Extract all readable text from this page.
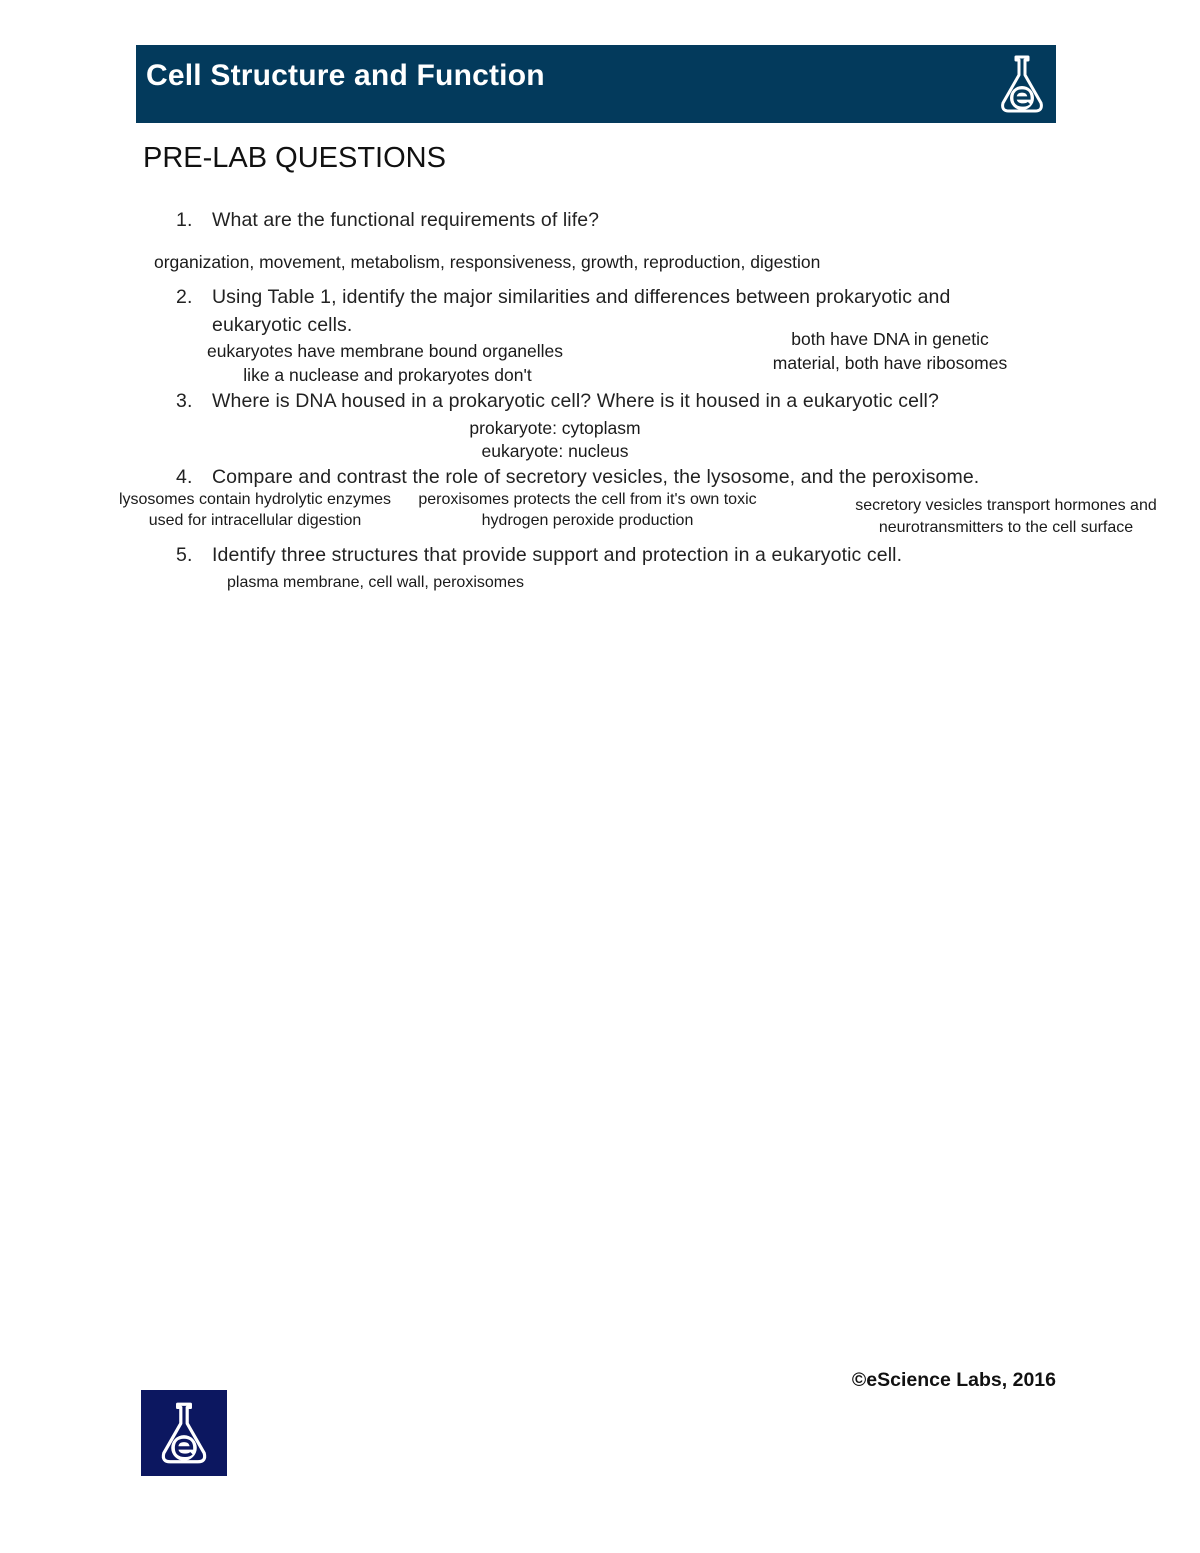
Cell Structure and Function
PRE-LAB QUESTIONS
1. What are the functional requirements of life?
organization, movement, metabolism, responsiveness, growth, reproduction, digestion
2. Using Table 1, identify the major similarities and differences between prokaryotic and
eukaryotic cells.
eukaryotes have membrane bound organelles
like a nuclease and prokaryotes don't
both have DNA in genetic
material, both have ribosomes
3. Where is DNA housed in a prokaryotic cell? Where is it housed in a eukaryotic cell?
prokaryote: cytoplasm
eukaryote: nucleus
4. Compare and contrast the role of secretory vesicles, the lysosome, and the peroxisome.
lysosomes contain hydrolytic enzymes
used for intracellular digestion
peroxisomes protects the cell from it's own toxic
hydrogen peroxide production
secretory vesicles transport hormones and
neurotransmitters to the cell surface
5. Identify three structures that provide support and protection in a eukaryotic cell.
plasma membrane, cell wall, peroxisomes
©eScience Labs, 2016
